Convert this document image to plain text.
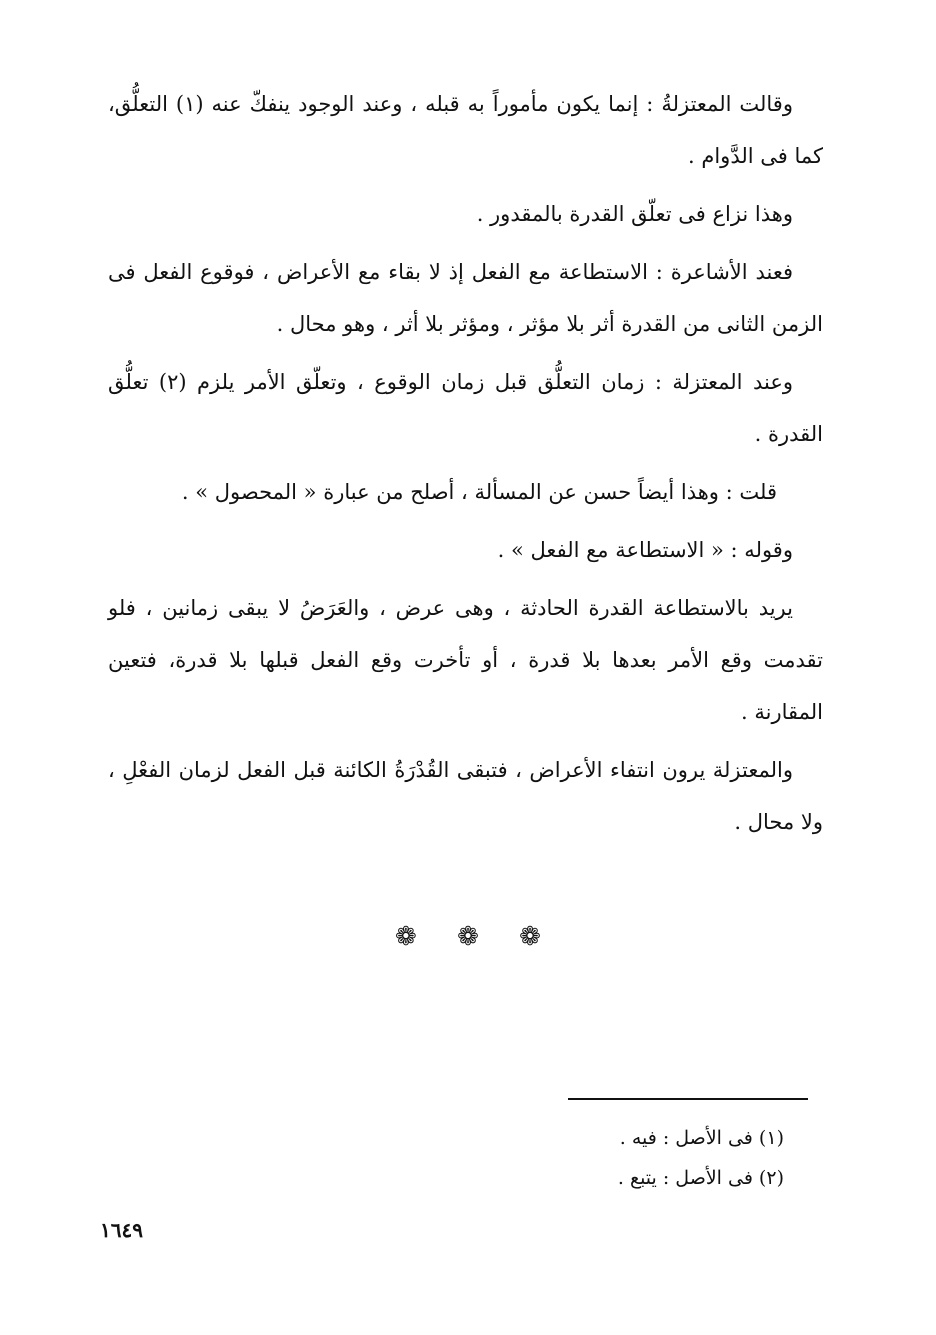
وقالت المعتزلةُ : إنما يكون مأموراً به قبله ، وعند الوجود ينفكّ عنه (١) التعلُّق، كما فى الدَّوام .

وهذا نزاع فى تعلّق القدرة بالمقدور .

فعند الأشاعرة : الاستطاعة مع الفعل إذ لا بقاء مع الأعراض ، فوقوع الفعل فى الزمن الثانى من القدرة أثر بلا مؤثر ، ومؤثر بلا أثر ، وهو محال .

وعند المعتزلة : زمان التعلُّق قبل زمان الوقوع ، وتعلّق الأمر يلزم (٢) تعلُّق القدرة .

قلت : وهذا أيضاً حسن عن المسألة ، أصلح من عبارة « المحصول » .

وقوله : « الاستطاعة مع الفعل » .

يريد بالاستطاعة القدرة الحادثة ، وهى عرض ، والعَرَضُ لا يبقى زمانين ، فلو تقدمت وقع الأمر بعدها بلا قدرة ، أو تأخرت وقع الفعل قبلها بلا قدرة، فتعين المقارنة .

والمعتزلة يرون انتفاء الأعراض ، فتبقى القُدْرَةُ الكائنة قبل الفعل لزمان الفعْلِ ، ولا محال .

❁ ❁ ❁

(١) فى الأصل : فيه .

(٢) فى الأصل : يتبع .

١٦٤٩
